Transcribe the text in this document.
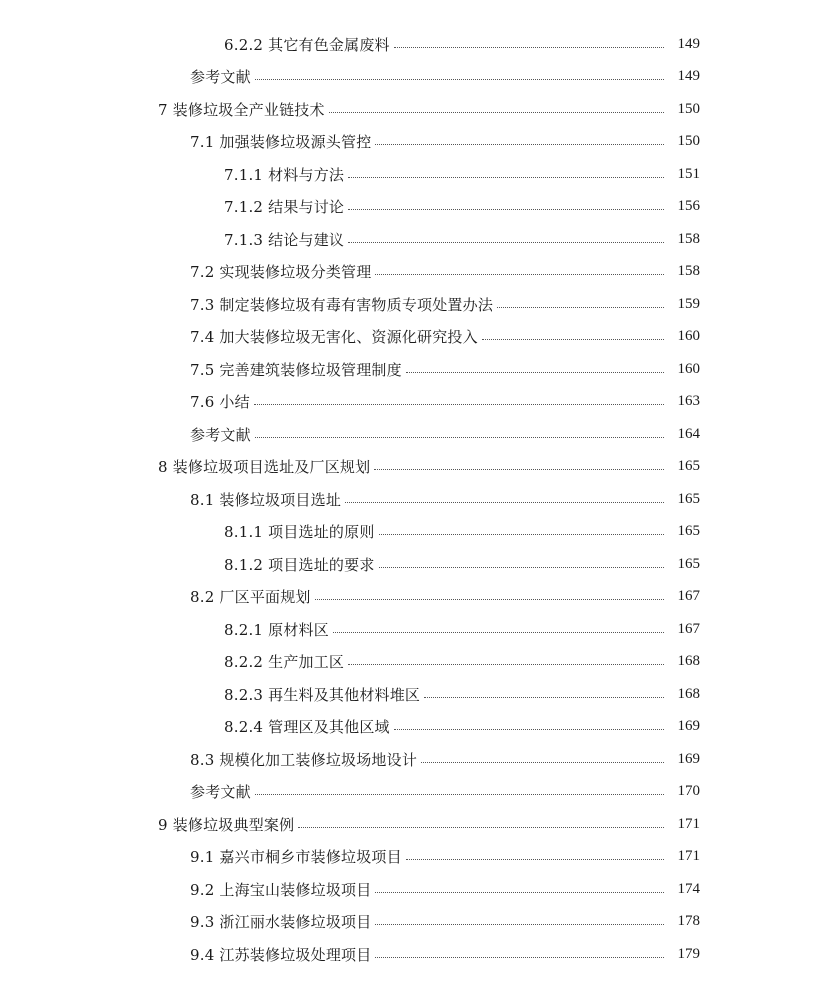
6.2.2 其它有色金属废料	149
参考文献	149
7 装修垃圾全产业链技术	150
7.1 加强装修垃圾源头管控	150
7.1.1 材料与方法	151
7.1.2 结果与讨论	156
7.1.3 结论与建议	158
7.2 实现装修垃圾分类管理	158
7.3 制定装修垃圾有毒有害物质专项处置办法	159
7.4 加大装修垃圾无害化、资源化研究投入	160
7.5 完善建筑装修垃圾管理制度	160
7.6 小结	163
参考文献	164
8 装修垃圾项目选址及厂区规划	165
8.1 装修垃圾项目选址	165
8.1.1 项目选址的原则	165
8.1.2 项目选址的要求	165
8.2 厂区平面规划	167
8.2.1 原材料区	167
8.2.2 生产加工区	168
8.2.3 再生料及其他材料堆区	168
8.2.4 管理区及其他区域	169
8.3 规模化加工装修垃圾场地设计	169
参考文献	170
9 装修垃圾典型案例	171
9.1 嘉兴市桐乡市装修垃圾项目	171
9.2 上海宝山装修垃圾项目	174
9.3 浙江丽水装修垃圾项目	178
9.4 江苏装修垃圾处理项目	179
